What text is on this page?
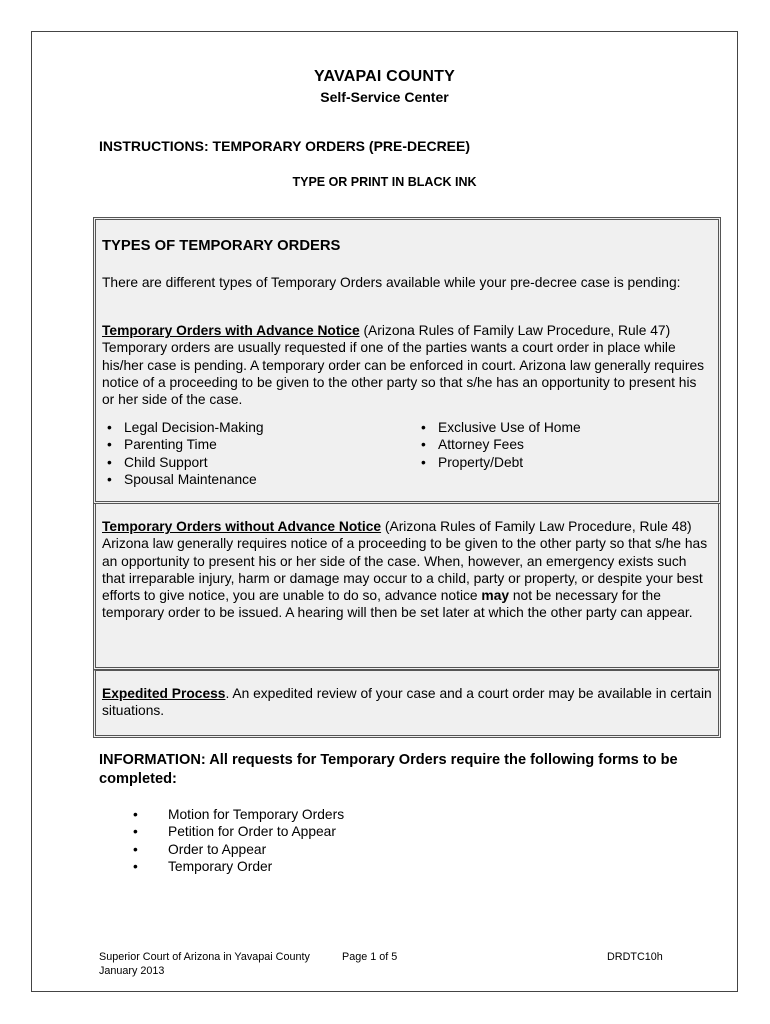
YAVAPAI COUNTY
Self-Service Center
INSTRUCTIONS: TEMPORARY ORDERS (PRE-DECREE)
TYPE OR PRINT IN BLACK INK
TYPES OF TEMPORARY ORDERS
There are different types of Temporary Orders available while your pre-decree case is pending:
Temporary Orders with Advance Notice (Arizona Rules of Family Law Procedure, Rule 47)
Temporary orders are usually requested if one of the parties wants a court order in place while his/her case is pending. A temporary order can be enforced in court. Arizona law generally requires notice of a proceeding to be given to the other party so that s/he has an opportunity to present his or her side of the case.
• Legal Decision-Making
• Parenting Time
• Child Support
• Spousal Maintenance
• Exclusive Use of Home
• Attorney Fees
• Property/Debt
Temporary Orders without Advance Notice (Arizona Rules of Family Law Procedure, Rule 48)
Arizona law generally requires notice of a proceeding to be given to the other party so that s/he has an opportunity to present his or her side of the case. When, however, an emergency exists such that irreparable injury, harm or damage may occur to a child, party or property, or despite your best efforts to give notice, you are unable to do so, advance notice may not be necessary for the temporary order to be issued. A hearing will then be set later at which the other party can appear.
Expedited Process. An expedited review of your case and a court order may be available in certain situations.
INFORMATION: All requests for Temporary Orders require the following forms to be completed:
• Motion for Temporary Orders
• Petition for Order to Appear
• Order to Appear
• Temporary Order
Superior Court of Arizona in Yavapai County
January 2013
Page 1 of 5	DRDTC10h
